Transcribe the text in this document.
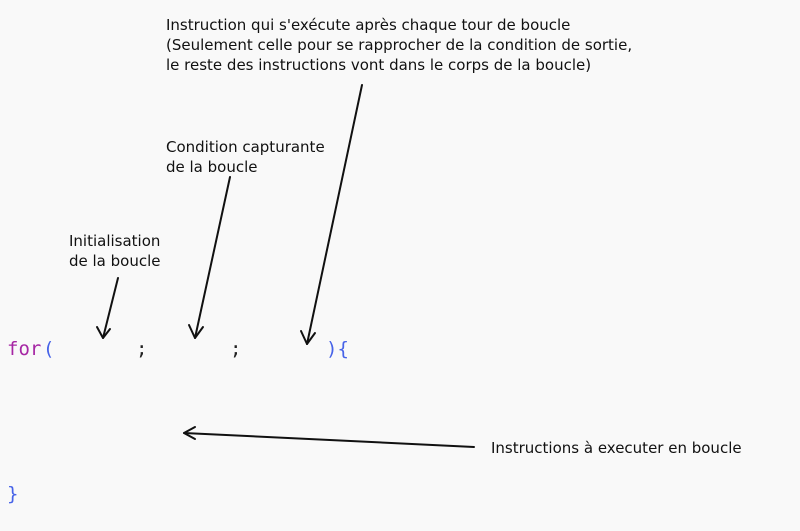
Instruction qui s'exécute après chaque tour de boucle
(Seulement celle pour se rapprocher de la condition de sortie,
le reste des instructions vont dans le corps de la boucle)

Condition capturante
de la boucle

Initialisation
de la boucle

Instructions à executer en boucle

for (	;	;	){
}
